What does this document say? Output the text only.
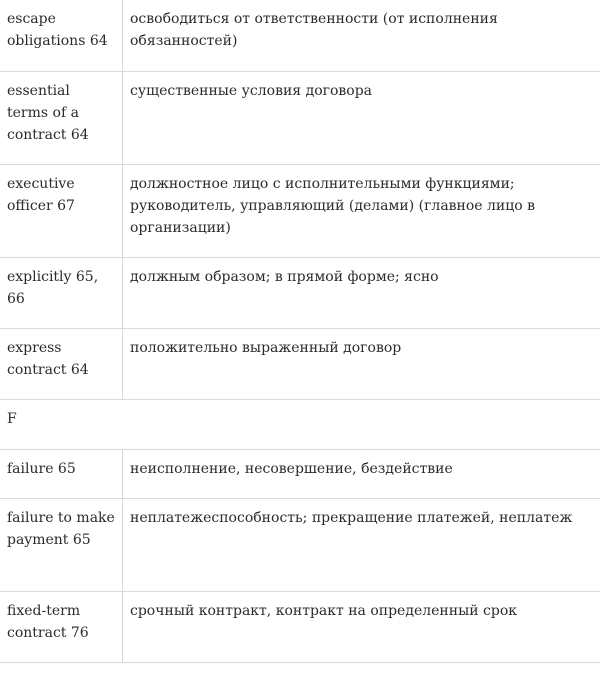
escape obligations 64	освободиться от ответственности (от исполнения обязанностей)
essential terms of a contract 64	существенные условия договора
executive officer 67	должностное лицо с исполнительными функциями; руководитель, управляющий (делами) (главное лицо в организации)
explicitly 65, 66	должным образом; в прямой форме; ясно
express contract 64	положительно выраженный договор
F	
failure 65	неисполнение, несовершение, бездействие
failure to make payment 65	неплатежеспособность; прекращение платежей, неплатеж
fixed-term contract 76	срочный контракт, контракт на определенный срок
